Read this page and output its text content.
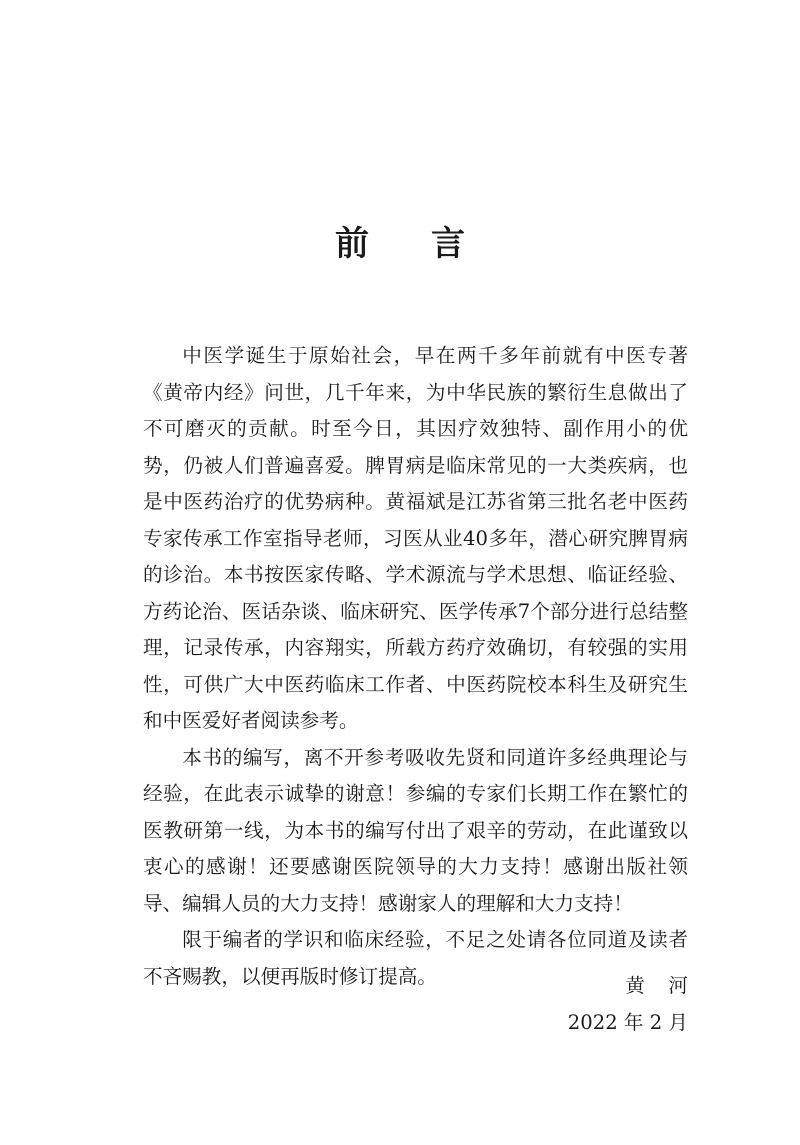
前言

中医学诞生于原始社会，早在两千多年前就有中医专著《黄帝内经》问世，几千年来，为中华民族的繁衍生息做出了不可磨灭的贡献。时至今日，其因疗效独特、副作用小的优势，仍被人们普遍喜爱。脾胃病是临床常见的一大类疾病，也是中医药治疗的优势病种。黄福斌是江苏省第三批名老中医药专家传承工作室指导老师，习医从业40多年，潜心研究脾胃病的诊治。本书按医家传略、学术源流与学术思想、临证经验、方药论治、医话杂谈、临床研究、医学传承7个部分进行总结整理，记录传承，内容翔实，所载方药疗效确切，有较强的实用性，可供广大中医药临床工作者、中医药院校本科生及研究生和中医爱好者阅读参考。

本书的编写，离不开参考吸收先贤和同道许多经典理论与经验，在此表示诚挚的谢意！参编的专家们长期工作在繁忙的医教研第一线，为本书的编写付出了艰辛的劳动，在此谨致以衷心的感谢！还要感谢医院领导的大力支持！感谢出版社领导、编辑人员的大力支持！感谢家人的理解和大力支持！

限于编者的学识和临床经验，不足之处请各位同道及读者不吝赐教，以便再版时修订提高。	黄河
2022 年 2 月
